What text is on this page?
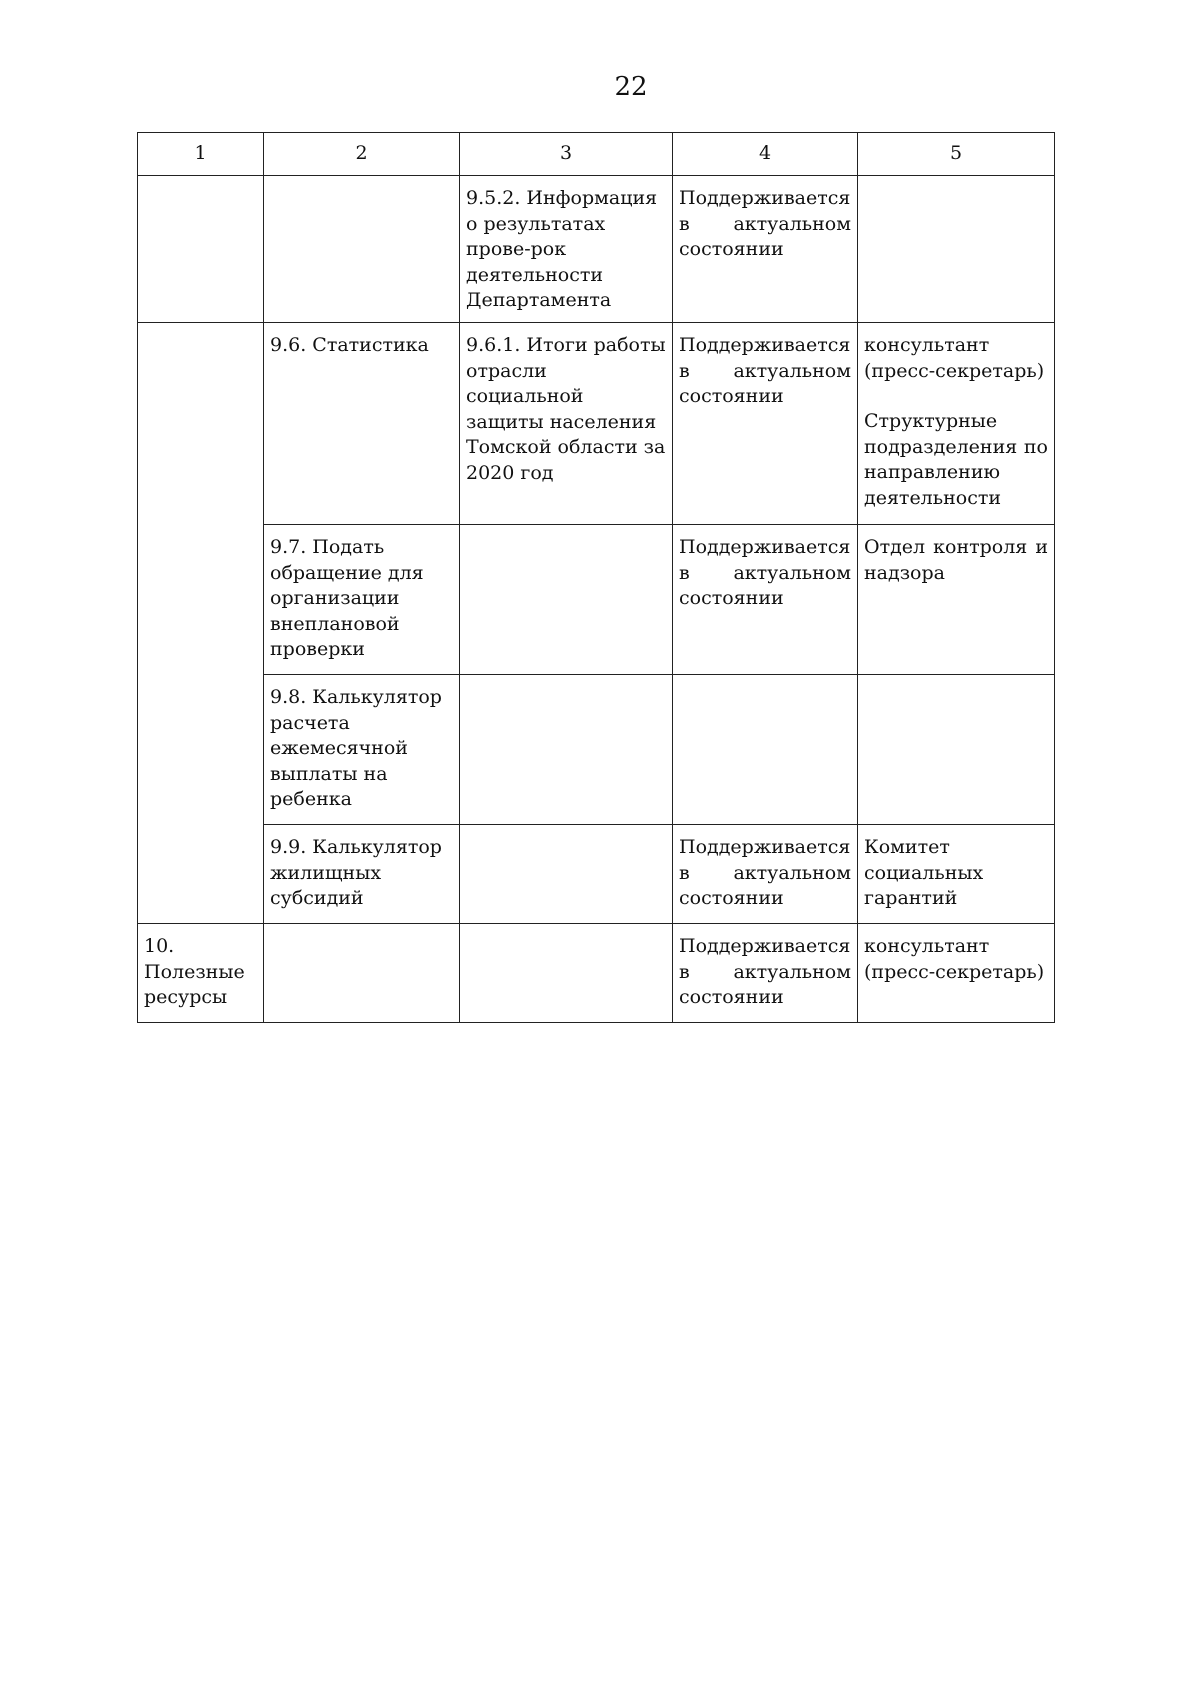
22
1	2	3	4	5
		9.5.2. Информация о результатах прове-рок деятельности Департамента	Поддерживается в актуальном состоянии	
	9.6. Статистика	9.6.1. Итоги работы отрасли социальной защиты населения Томской области за 2020 год	Поддерживается в актуальном состоянии	консультант (пресс-секретарь)
Структурные подразделения по направлению деятельности

	9.7. Подать обращение для организации внеплановой проверки		Поддерживается в актуальном состоянии	Отдел контроля и надзора
	9.8. Калькулятор расчета ежемесячной выплаты на ребенка			
	9.9. Калькулятор жилищных субсидий		Поддерживается в актуальном состоянии	Комитет социальных гарантий
10. Полезные ресурсы			Поддерживается в актуальном состоянии	консультант (пресс-секретарь)
